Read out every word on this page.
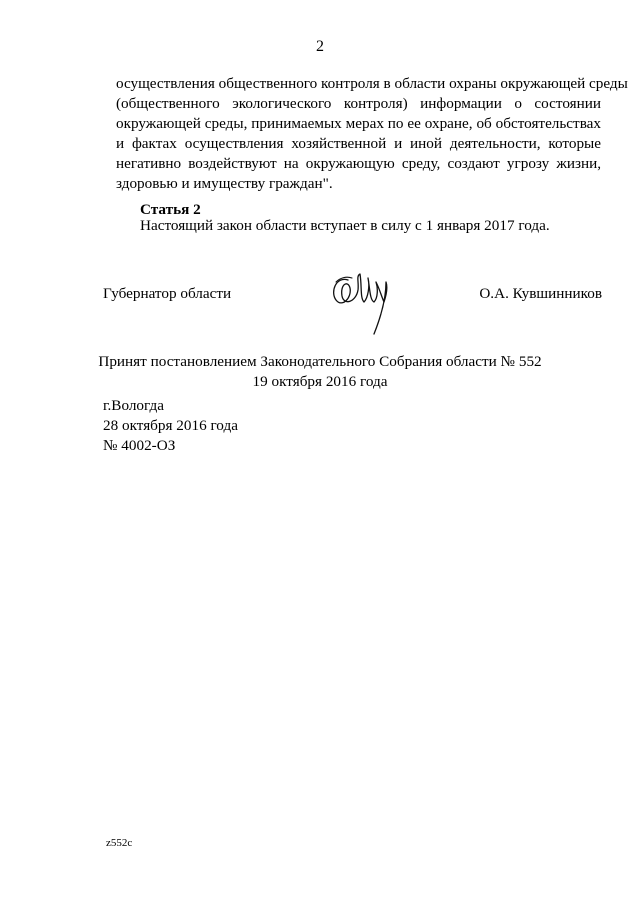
2
осуществления общественного контроля в области охраны окружающей среды
(общественного экологического контроля) информации о состоянии
окружающей среды, принимаемых мерах по ее охране, об обстоятельствах
и фактах осуществления хозяйственной и иной деятельности, которые
негативно воздействуют на окружающую среду, создают угрозу жизни,
здоровью и имуществу граждан".
Статья 2
Настоящий закон области вступает в силу с 1 января 2017 года.
Губернатор области	О.А. Кувшинников
Принят постановлением Законодательного Собрания области № 552
19 октября 2016 года
г.Вологда
28 октября 2016 года
№ 4002-ОЗ
z552c
